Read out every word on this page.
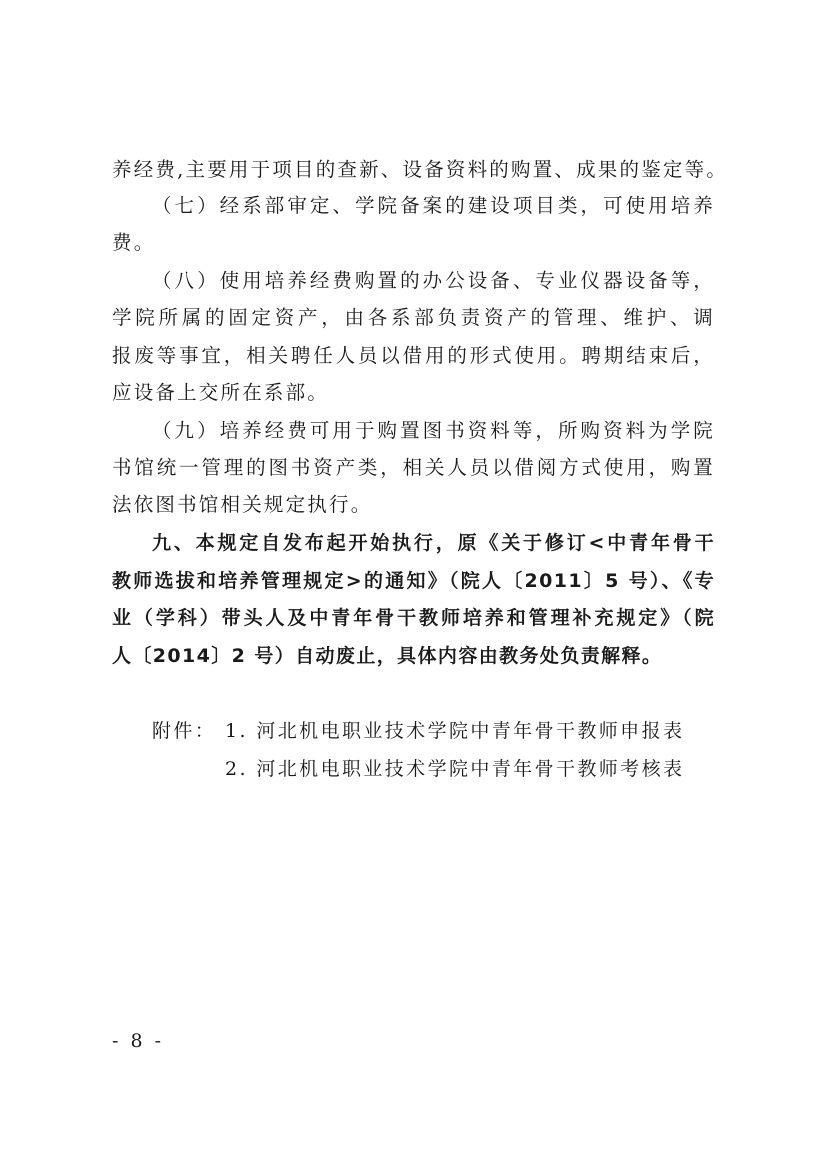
养经费,主要用于项目的查新、设备资料的购置、成果的鉴定等。
（七）经系部审定、学院备案的建设项目类，可使用培养
费。
（八）使用培养经费购置的办公设备、专业仪器设备等，
学院所属的固定资产，由各系部负责资产的管理、维护、调
报废等事宜，相关聘任人员以借用的形式使用。聘期结束后，
应设备上交所在系部。
（九）培养经费可用于购置图书资料等，所购资料为学院
书馆统一管理的图书资产类，相关人员以借阅方式使用，购置
法依图书馆相关规定执行。
九、本规定自发布起开始执行，原《关于修订<中青年骨干
教师选拔和培养管理规定>的通知》（院人〔2011〕5 号）、《专
业（学科）带头人及中青年骨干教师培养和管理补充规定》（院
人〔2014〕2 号）自动废止，具体内容由教务处负责解释。
附件： 1. 河北机电职业技术学院中青年骨干教师申报表
2. 河北机电职业技术学院中青年骨干教师考核表
- 8 -
